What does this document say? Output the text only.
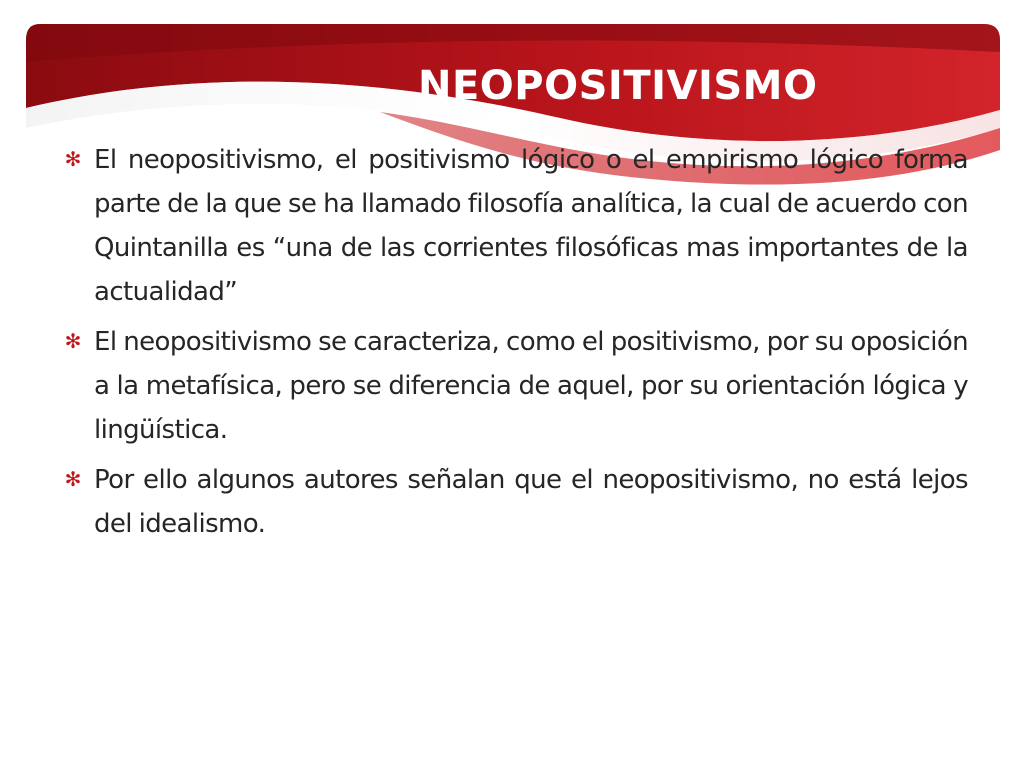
NEOPOSITIVISMO
✻ El neopositivismo, el positivismo lógico o el empirismo lógico forma parte de la que se ha llamado filosofía analítica, la cual de acuerdo con Quintanilla es “una de las corrientes filosóficas mas importantes de la actualidad”
✻ El neopositivismo se caracteriza, como el positivismo, por su oposición a la metafísica, pero se diferencia de aquel, por su orientación lógica y lingüística.
✻ Por ello algunos autores señalan que el neopositivismo, no está lejos del idealismo.
